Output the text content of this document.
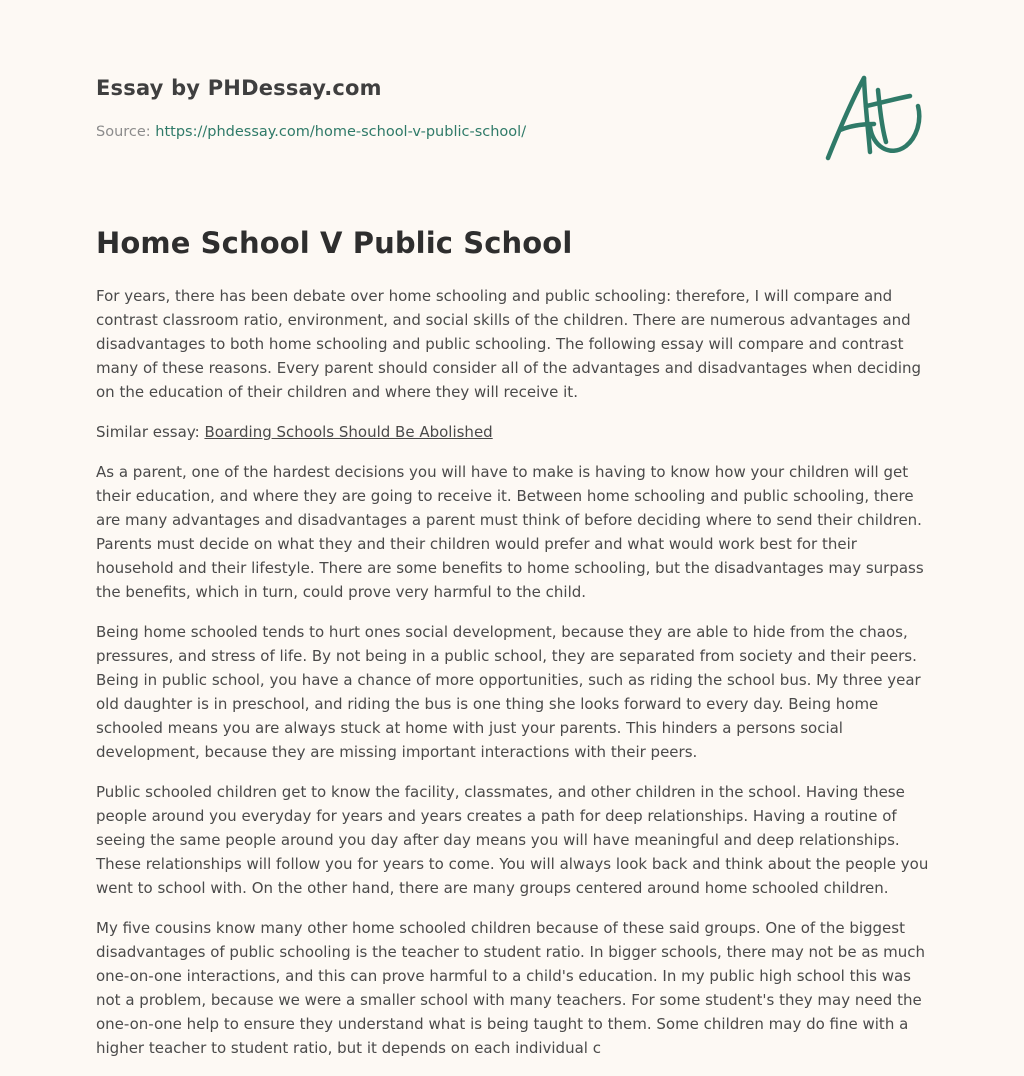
Essay by PHDessay.com
Source: https://phdessay.com/home-school-v-public-school/
Home School V Public School

For years, there has been debate over home schooling and public schooling: therefore, I will compare and contrast classroom ratio, environment, and social skills of the children. There are numerous advantages and disadvantages to both home schooling and public schooling. The following essay will compare and contrast many of these reasons. Every parent should consider all of the advantages and disadvantages when deciding on the education of their children and where they will receive it.

Similar essay: Boarding Schools Should Be Abolished

As a parent, one of the hardest decisions you will have to make is having to know how your children will get their education, and where they are going to receive it. Between home schooling and public schooling, there are many advantages and disadvantages a parent must think of before deciding where to send their children. Parents must decide on what they and their children would prefer and what would work best for their household and their lifestyle. There are some benefits to home schooling, but the disadvantages may surpass the benefits, which in turn, could prove very harmful to the child.

Being home schooled tends to hurt ones social development, because they are able to hide from the chaos, pressures, and stress of life. By not being in a public school, they are separated from society and their peers. Being in public school, you have a chance of more opportunities, such as riding the school bus. My three year old daughter is in preschool, and riding the bus is one thing she looks forward to every day. Being home schooled means you are always stuck at home with just your parents. This hinders a persons social development, because they are missing important interactions with their peers.

Public schooled children get to know the facility, classmates, and other children in the school. Having these people around you everyday for years and years creates a path for deep relationships. Having a routine of seeing the same people around you day after day means you will have meaningful and deep relationships. These relationships will follow you for years to come. You will always look back and think about the people you went to school with. On the other hand, there are many groups centered around home schooled children.

My five cousins know many other home schooled children because of these said groups. One of the biggest disadvantages of public schooling is the teacher to student ratio. In bigger schools, there may not be as much one-on-one interactions, and this can prove harmful to a child's education. In my public high school this was not a problem, because we were a smaller school with many teachers. For some student's they may need the one-on-one help to ensure they understand what is being taught to them. Some children may do fine with a higher teacher to student ratio, but it depends on each individual c
